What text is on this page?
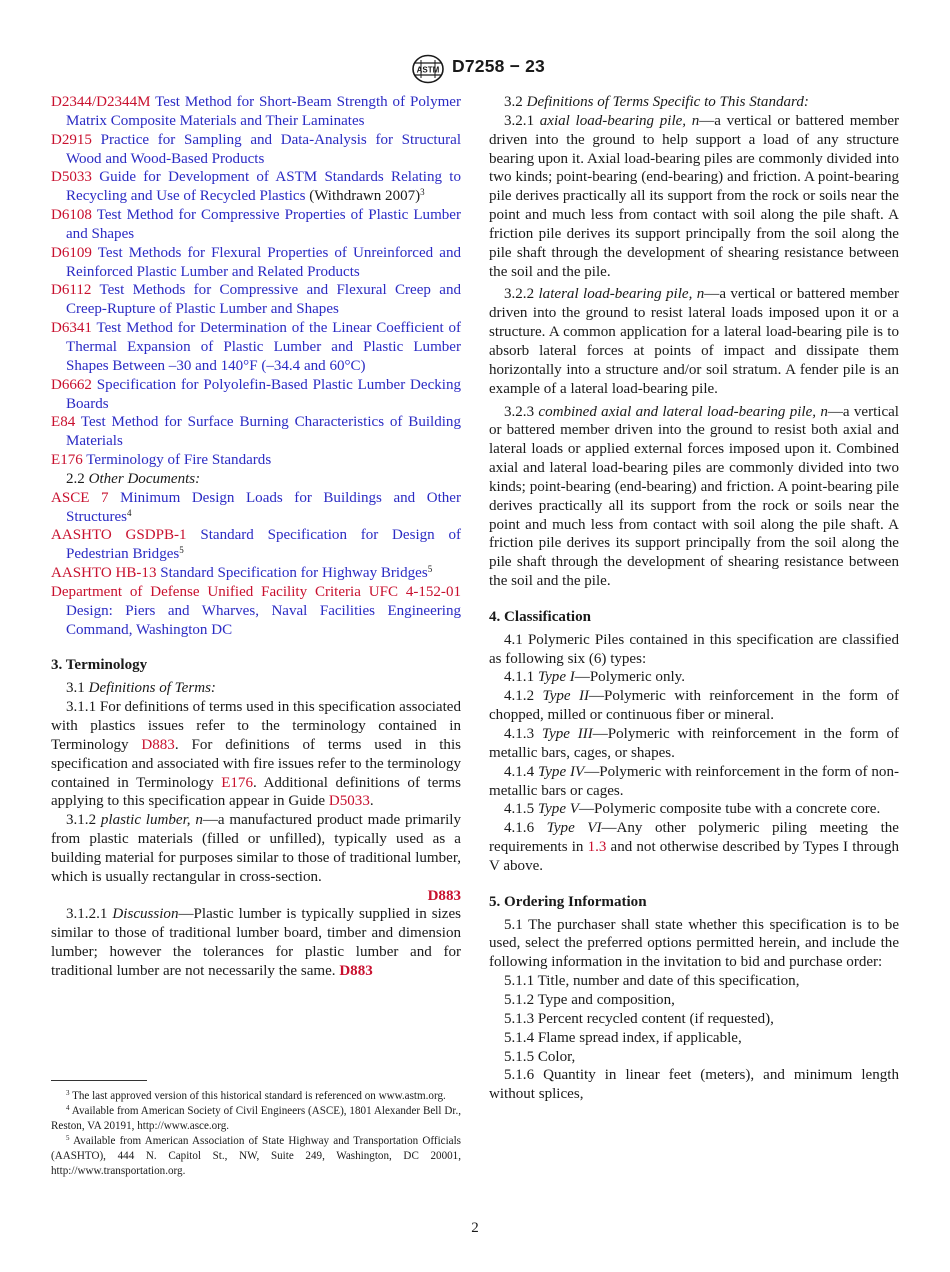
ASTM D7258 − 23

D2344/D2344M Test Method for Short-Beam Strength of Polymer Matrix Composite Materials and Their Laminates

D2915 Practice for Sampling and Data-Analysis for Structural Wood and Wood-Based Products

D5033 Guide for Development of ASTM Standards Relating to Recycling and Use of Recycled Plastics (Withdrawn 2007)$^3$

D6108 Test Method for Compressive Properties of Plastic Lumber and Shapes

D6109 Test Methods for Flexural Properties of Unreinforced and Reinforced Plastic Lumber and Related Products

D6112 Test Methods for Compressive and Flexural Creep and Creep-Rupture of Plastic Lumber and Shapes

D6341 Test Method for Determination of the Linear Coefficient of Thermal Expansion of Plastic Lumber and Plastic Lumber Shapes Between –30 and 140°F (–34.4 and 60°C)

D6662 Specification for Polyolefin-Based Plastic Lumber Decking Boards

E84 Test Method for Surface Burning Characteristics of Building Materials

E176 Terminology of Fire Standards

2.2 Other Documents:

ASCE 7 Minimum Design Loads for Buildings and Other Structures$^4$

AASHTO GSDPB-1 Standard Specification for Design of Pedestrian Bridges$^5$

AASHTO HB-13 Standard Specification for Highway Bridges$^5$

Department of Defense Unified Facility Criteria UFC 4-152-01 Design: Piers and Wharves, Naval Facilities Engineering Command, Washington DC

3. Terminology

3.1 Definitions of Terms:

3.1.1 For definitions of terms used in this specification associated with plastics issues refer to the terminology contained in Terminology D883. For definitions of terms used in this specification and associated with fire issues refer to the terminology contained in Terminology E176. Additional definitions of terms applying to this specification appear in Guide D5033.

3.1.2 plastic lumber, n—a manufactured product made primarily from plastic materials (filled or unfilled), typically used as a building material for purposes similar to those of traditional lumber, which is usually rectangular in cross-section.

D883

3.1.2.1 Discussion—Plastic lumber is typically supplied in sizes similar to those of traditional lumber board, timber and dimension lumber; however the tolerances for plastic lumber and for traditional lumber are not necessarily the same. D883

$^3$ The last approved version of this historical standard is referenced on www.astm.org.

$^4$ Available from American Society of Civil Engineers (ASCE), 1801 Alexander Bell Dr., Reston, VA 20191, http://www.asce.org.

$^5$ Available from American Association of State Highway and Transportation Officials (AASHTO), 444 N. Capitol St., NW, Suite 249, Washington, DC 20001, http://www.transportation.org.

3.2 Definitions of Terms Specific to This Standard:

3.2.1 axial load-bearing pile, n—a vertical or battered member driven into the ground to help support a load of any structure bearing upon it. Axial load-bearing piles are commonly divided into two kinds; point-bearing (end-bearing) and friction. A point-bearing pile derives practically all its support from the rock or soils near the point and much less from contact with soil along the pile shaft. A friction pile derives its support principally from the soil along the pile shaft through the development of shearing resistance between the soil and the pile.

3.2.2 lateral load-bearing pile, n—a vertical or battered member driven into the ground to resist lateral loads imposed upon it or a structure. A common application for a lateral load-bearing pile is to absorb lateral forces at points of impact and dissipate them horizontally into a structure and/or soil stratum. A fender pile is an example of a lateral load-bearing pile.

3.2.3 combined axial and lateral load-bearing pile, n—a vertical or battered member driven into the ground to resist both axial and lateral loads or applied external forces imposed upon it. Combined axial and lateral load-bearing piles are commonly divided into two kinds; point-bearing (end-bearing) and friction. A point-bearing pile derives practically all its support from the rock or soils near the point and much less from contact with soil along the pile shaft. A friction pile derives its support principally from the soil along the pile shaft through the development of shearing resistance between the soil and the pile.

4. Classification

4.1 Polymeric Piles contained in this specification are classified as following six (6) types:

4.1.1 Type I—Polymeric only.

4.1.2 Type II—Polymeric with reinforcement in the form of chopped, milled or continuous fiber or mineral.

4.1.3 Type III—Polymeric with reinforcement in the form of metallic bars, cages, or shapes.

4.1.4 Type IV—Polymeric with reinforcement in the form of non-metallic bars or cages.

4.1.5 Type V—Polymeric composite tube with a concrete core.

4.1.6 Type VI—Any other polymeric piling meeting the requirements in 1.3 and not otherwise described by Types I through V above.

5. Ordering Information

5.1 The purchaser shall state whether this specification is to be used, select the preferred options permitted herein, and include the following information in the invitation to bid and purchase order:

5.1.1 Title, number and date of this specification,

5.1.2 Type and composition,

5.1.3 Percent recycled content (if requested),

5.1.4 Flame spread index, if applicable,

5.1.5 Color,

5.1.6 Quantity in linear feet (meters), and minimum length without splices,

2
